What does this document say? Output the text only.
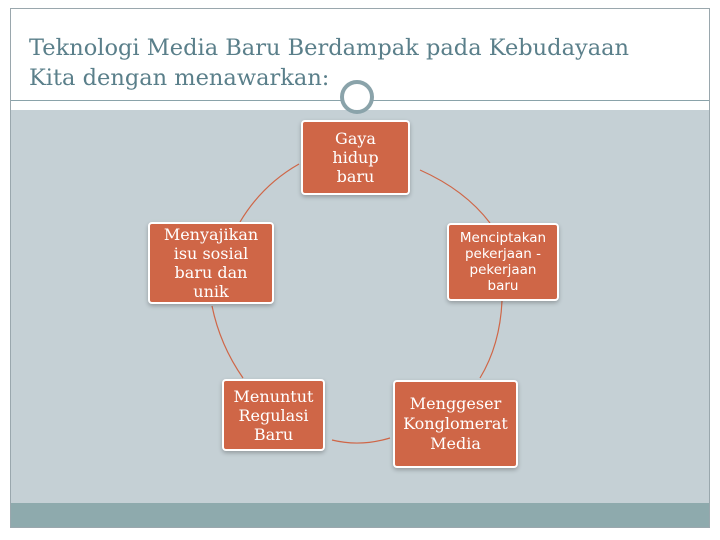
Teknologi Media Baru Berdampak pada Kebudayaan
Kita dengan menawarkan:
Gaya
hidup
baru
Menciptakan
pekerjaan -
pekerjaan
baru
Menggeser
Konglomerat
Media
Menuntut
Regulasi
Baru
Menyajikan
isu sosial
baru dan
unik
